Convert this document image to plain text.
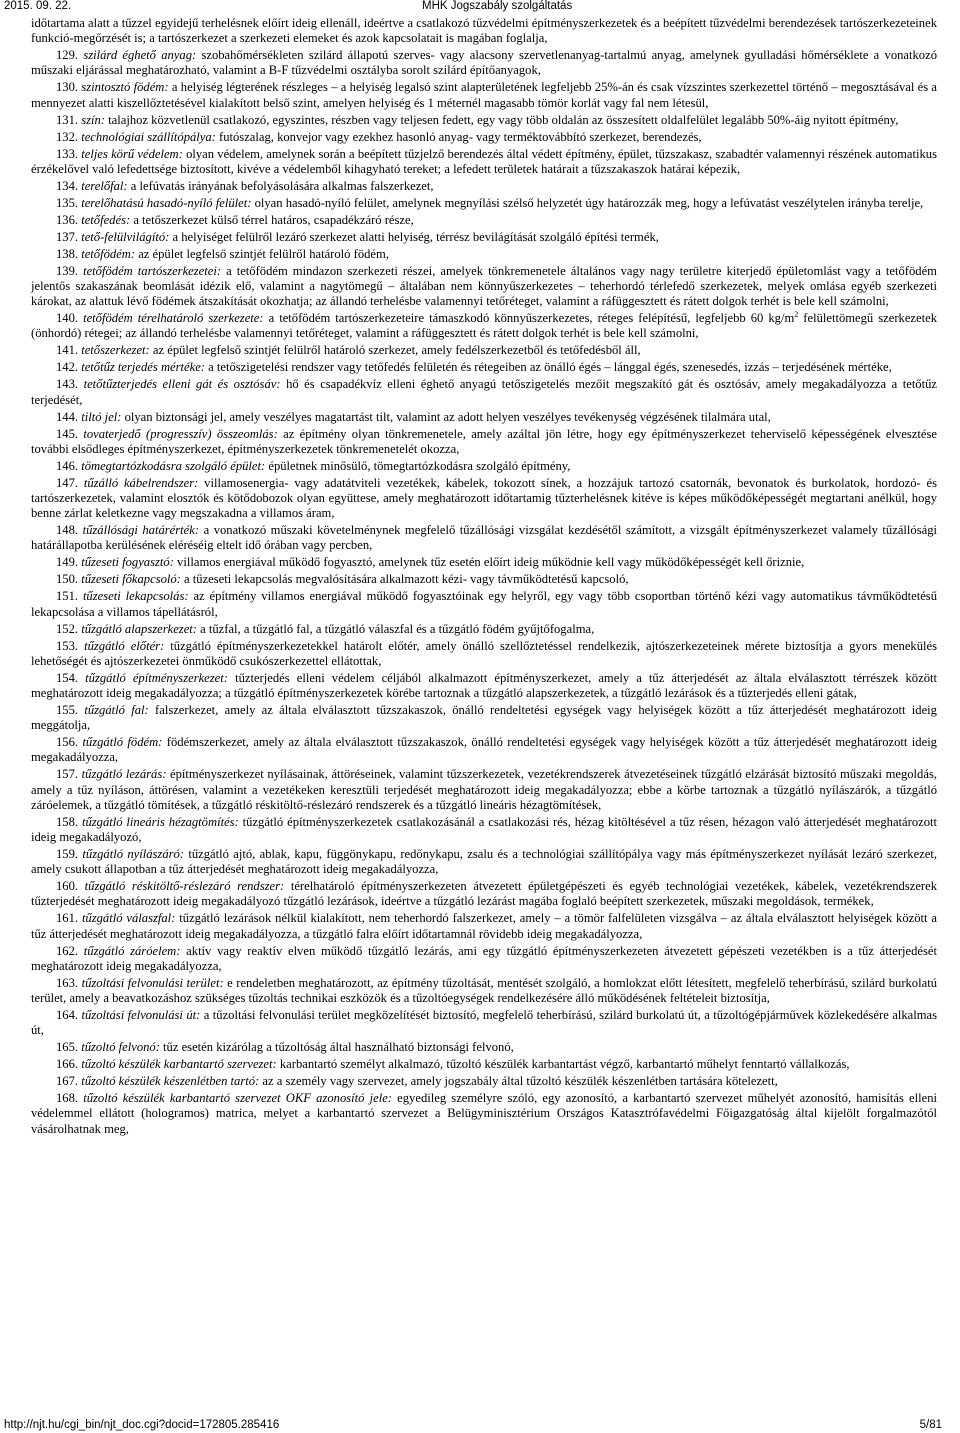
2015. 09. 22.	MHK Jogszabály szolgáltatás

időtartama alatt a tűzzel egyidejű terhelésnek előírt ideig ellenáll, ideértve a csatlakozó tűzvédelmi építményszerkezetek és a beépített tűzvédelmi berendezések tartószerkezeteinek funkció-megőrzését is; a tartószerkezet a szerkezeti elemeket és azok kapcsolatait is magában foglalja,

129. szilárd éghető anyag: szobahőmérsékleten szilárd állapotú szerves- vagy alacsony szervetlenanyag-tartalmú anyag, amelynek gyulladási hőmérséklete a vonatkozó műszaki eljárással meghatározható, valamint a B-F tűzvédelmi osztályba sorolt szilárd építőanyagok,

130. szintosztó födém: a helyiség légterének részleges – a helyiség legalsó szint alapterületének legfeljebb 25%-án és csak vízszintes szerkezettel történő – megosztásával és a mennyezet alatti kiszellőztetésével kialakított belső szint, amelyen helyiség és 1 méternél magasabb tömör korlát vagy fal nem létesül,

131. szín: talajhoz közvetlenül csatlakozó, egyszintes, részben vagy teljesen fedett, egy vagy több oldalán az összesített oldalfelület legalább 50%-áig nyitott építmény,

132. technológiai szállítópálya: futószalag, konvejor vagy ezekhez hasonló anyag- vagy terméktovábbító szerkezet, berendezés,

133. teljes körű védelem: olyan védelem, amelynek során a beépített tűzjelző berendezés által védett építmény, épület, tűzszakasz, szabadtér valamennyi részének automatikus érzékelővel való lefedettsége biztosított, kivéve a védelemből kihagyható tereket; a lefedett területek határait a tűzszakaszok határai képezik,

134. terelőfal: a lefúvatás irányának befolyásolására alkalmas falszerkezet,

135. terelőhatású hasadó-nyíló felület: olyan hasadó-nyíló felület, amelynek megnyílási szélső helyzetét úgy határozzák meg, hogy a lefúvatást veszélytelen irányba terelje,

136. tetőfedés: a tetőszerkezet külső térrel határos, csapadékzáró része,

137. tető-felülvilágító: a helyiséget felülről lezáró szerkezet alatti helyiség, térrész bevilágítását szolgáló építési termék,

138. tetőfödém: az épület legfelső szintjét felülről határoló födém,

139. tetőfödém tartószerkezetei: a tetőfödém mindazon szerkezeti részei, amelyek tönkremenetele általános vagy nagy területre kiterjedő épületomlást vagy a tetőfödém jelentős szakaszának beomlását idézik elő, valamint a nagytömegű – általában nem könnyűszerkezetes – teherhordó térlefedő szerkezetek, melyek omlása egyéb szerkezeti károkat, az alattuk lévő födémek átszakítását okozhatja; az állandó terhelésbe valamennyi tetőréteget, valamint a ráfüggesztett és rátett dolgok terhét is bele kell számolni,

140. tetőfödém térelhatároló szerkezete: a tetőfödém tartószerkezeteire támaszkodó könnyűszerkezetes, réteges felépítésű, legfeljebb 60 $kg/m^2$ felülettömegű szerkezetek (önhordó) rétegei; az állandó terhelésbe valamennyi tetőréteget, valamint a ráfüggesztett és rátett dolgok terhét is bele kell számolni,

141. tetőszerkezet: az épület legfelső szintjét felülről határoló szerkezet, amely fedélszerkezetből és tetőfedésből áll,

142. tetőtűz terjedés mértéke: a tetőszigetelési rendszer vagy tetőfedés felületén és rétegeiben az önálló égés – lánggal égés, szenesedés, izzás – terjedésének mértéke,

143. tetőtűzterjedés elleni gát és osztósáv: hő és csapadékvíz elleni éghető anyagú tetőszigetelés mezőit megszakító gát és osztósáv, amely megakadályozza a tetőtűz terjedését,

144. tiltó jel: olyan biztonsági jel, amely veszélyes magatartást tilt, valamint az adott helyen veszélyes tevékenység végzésének tilalmára utal,

145. tovaterjedő (progresszív) összeomlás: az építmény olyan tönkremenetele, amely azáltal jön létre, hogy egy építményszerkezet teherviselő képességének elvesztése további elsődleges építményszerkezet, építményszerkezetek tönkremenetelét okozza,

146. tömegtartózkodásra szolgáló épület: épületnek minősülő, tömegtartózkodásra szolgáló építmény,

147. tűzálló kábelrendszer: villamosenergia- vagy adatátviteli vezetékek, kábelek, tokozott sínek, a hozzájuk tartozó csatornák, bevonatok és burkolatok, hordozó- és tartószerkezetek, valamint elosztók és kötődobozok olyan együttese, amely meghatározott időtartamig tűzterhelésnek kitéve is képes működőképességét megtartani anélkül, hogy benne zárlat keletkezne vagy megszakadna a villamos áram,

148. tűzállósági határérték: a vonatkozó műszaki követelménynek megfelelő tűzállósági vizsgálat kezdésétől számított, a vizsgált építményszerkezet valamely tűzállósági határállapotba kerülésének eléréséig eltelt idő órában vagy percben,

149. tűzeseti fogyasztó: villamos energiával működő fogyasztó, amelynek tűz esetén előírt ideig működnie kell vagy működőképességét kell őriznie,

150. tűzeseti főkapcsoló: a tűzeseti lekapcsolás megvalósítására alkalmazott kézi- vagy távműködtetésű kapcsoló,

151. tűzeseti lekapcsolás: az építmény villamos energiával működő fogyasztóinak egy helyről, egy vagy több csoportban történő kézi vagy automatikus távműködtetésű lekapcsolása a villamos tápellátásról,

152. tűzgátló alapszerkezet: a tűzfal, a tűzgátló fal, a tűzgátló válaszfal és a tűzgátló födém gyűjtőfogalma,

153. tűzgátló előtér: tűzgátló építményszerkezetekkel határolt előtér, amely önálló szellőztetéssel rendelkezik, ajtószerkezeteinek mérete biztosítja a gyors menekülés lehetőségét és ajtószerkezetei önműködő csukószerkezettel ellátottak,

154. tűzgátló építményszerkezet: tűzterjedés elleni védelem céljából alkalmazott építményszerkezet, amely a tűz átterjedését az általa elválasztott térrészek között meghatározott ideig megakadályozza; a tűzgátló építményszerkezetek körébe tartoznak a tűzgátló alapszerkezetek, a tűzgátló lezárások és a tűzterjedés elleni gátak,

155. tűzgátló fal: falszerkezet, amely az általa elválasztott tűzszakaszok, önálló rendeltetési egységek vagy helyiségek között a tűz átterjedését meghatározott ideig meggátolja,

156. tűzgátló födém: födémszerkezet, amely az általa elválasztott tűzszakaszok, önálló rendeltetési egységek vagy helyiségek között a tűz átterjedését meghatározott ideig megakadályozza,

157. tűzgátló lezárás: építményszerkezet nyílásainak, áttöréseinek, valamint tűzszerkezetek, vezetékrendszerek átvezetéseinek tűzgátló elzárását biztosító műszaki megoldás, amely a tűz nyíláson, áttörésen, valamint a vezetékeken keresztüli terjedését meghatározott ideig megakadályozza; ebbe a körbe tartoznak a tűzgátló nyílászárók, a tűzgátló záróelemek, a tűzgátló tömítések, a tűzgátló réskitöltő-réslezáró rendszerek és a tűzgátló lineáris hézagtömítések,

158. tűzgátló lineáris hézagtömítés: tűzgátló építményszerkezetek csatlakozásánál a csatlakozási rés, hézag kitöltésével a tűz résen, hézagon való átterjedését meghatározott ideig megakadályozó,

159. tűzgátló nyílászáró: tűzgátló ajtó, ablak, kapu, függönykapu, redőnykapu, zsalu és a technológiai szállítópálya vagy más építményszerkezet nyílását lezáró szerkezet, amely csukott állapotban a tűz átterjedését meghatározott ideig megakadályozza,

160. tűzgátló réskitöltő-réslezáró rendszer: térelhatároló építményszerkezeten átvezetett épületgépészeti és egyéb technológiai vezetékek, kábelek, vezetékrendszerek tűzterjedését meghatározott ideig megakadályozó tűzgátló lezárások, ideértve a tűzgátló lezárást magába foglaló beépített szerkezetek, műszaki megoldások, termékek,

161. tűzgátló válaszfal: tűzgátló lezárások nélkül kialakított, nem teherhordó falszerkezet, amely – a tömör falfelületen vizsgálva – az általa elválasztott helyiségek között a tűz átterjedését meghatározott ideig megakadályozza, a tűzgátló falra előírt időtartamnál rövidebb ideig megakadályozza,

162. tűzgátló záróelem: aktív vagy reaktív elven működő tűzgátló lezárás, ami egy tűzgátló építményszerkezeten átvezetett gépészeti vezetékben is a tűz átterjedését meghatározott ideig megakadályozza,

163. tűzoltási felvonulási terület: e rendeletben meghatározott, az építmény tűzoltását, mentését szolgáló, a homlokzat előtt létesített, megfelelő teherbírású, szilárd burkolatú terület, amely a beavatkozáshoz szükséges tűzoltás technikai eszközök és a tűzoltóegységek rendelkezésére álló működésének feltételeit biztosítja,

164. tűzoltási felvonulási út: a tűzoltási felvonulási terület megközelítését biztosító, megfelelő teherbírású, szilárd burkolatú út, a tűzoltógépjárművek közlekedésére alkalmas út,

165. tűzoltó felvonó: tűz esetén kizárólag a tűzoltóság által használható biztonsági felvonó,

166. tűzoltó készülék karbantartó szervezet: karbantartó személyt alkalmazó, tűzoltó készülék karbantartást végző, karbantartó műhelyt fenntartó vállalkozás,

167. tűzoltó készülék készenlétben tartó: az a személy vagy szervezet, amely jogszabály által tűzoltó készülék készenlétben tartására kötelezett,

168. tűzoltó készülék karbantartó szervezet OKF azonosító jele: egyedileg személyre szóló, egy azonosító, a karbantartó szervezet műhelyét azonosító, hamisítás elleni védelemmel ellátott (hologramos) matrica, melyet a karbantartó szervezet a Belügyminisztérium Országos Katasztrófavédelmi Főigazgatóság által kijelölt forgalmazótól vásárolhatnak meg,

http://njt.hu/cgi_bin/njt_doc.cgi?docid=172805.285416	5/81
